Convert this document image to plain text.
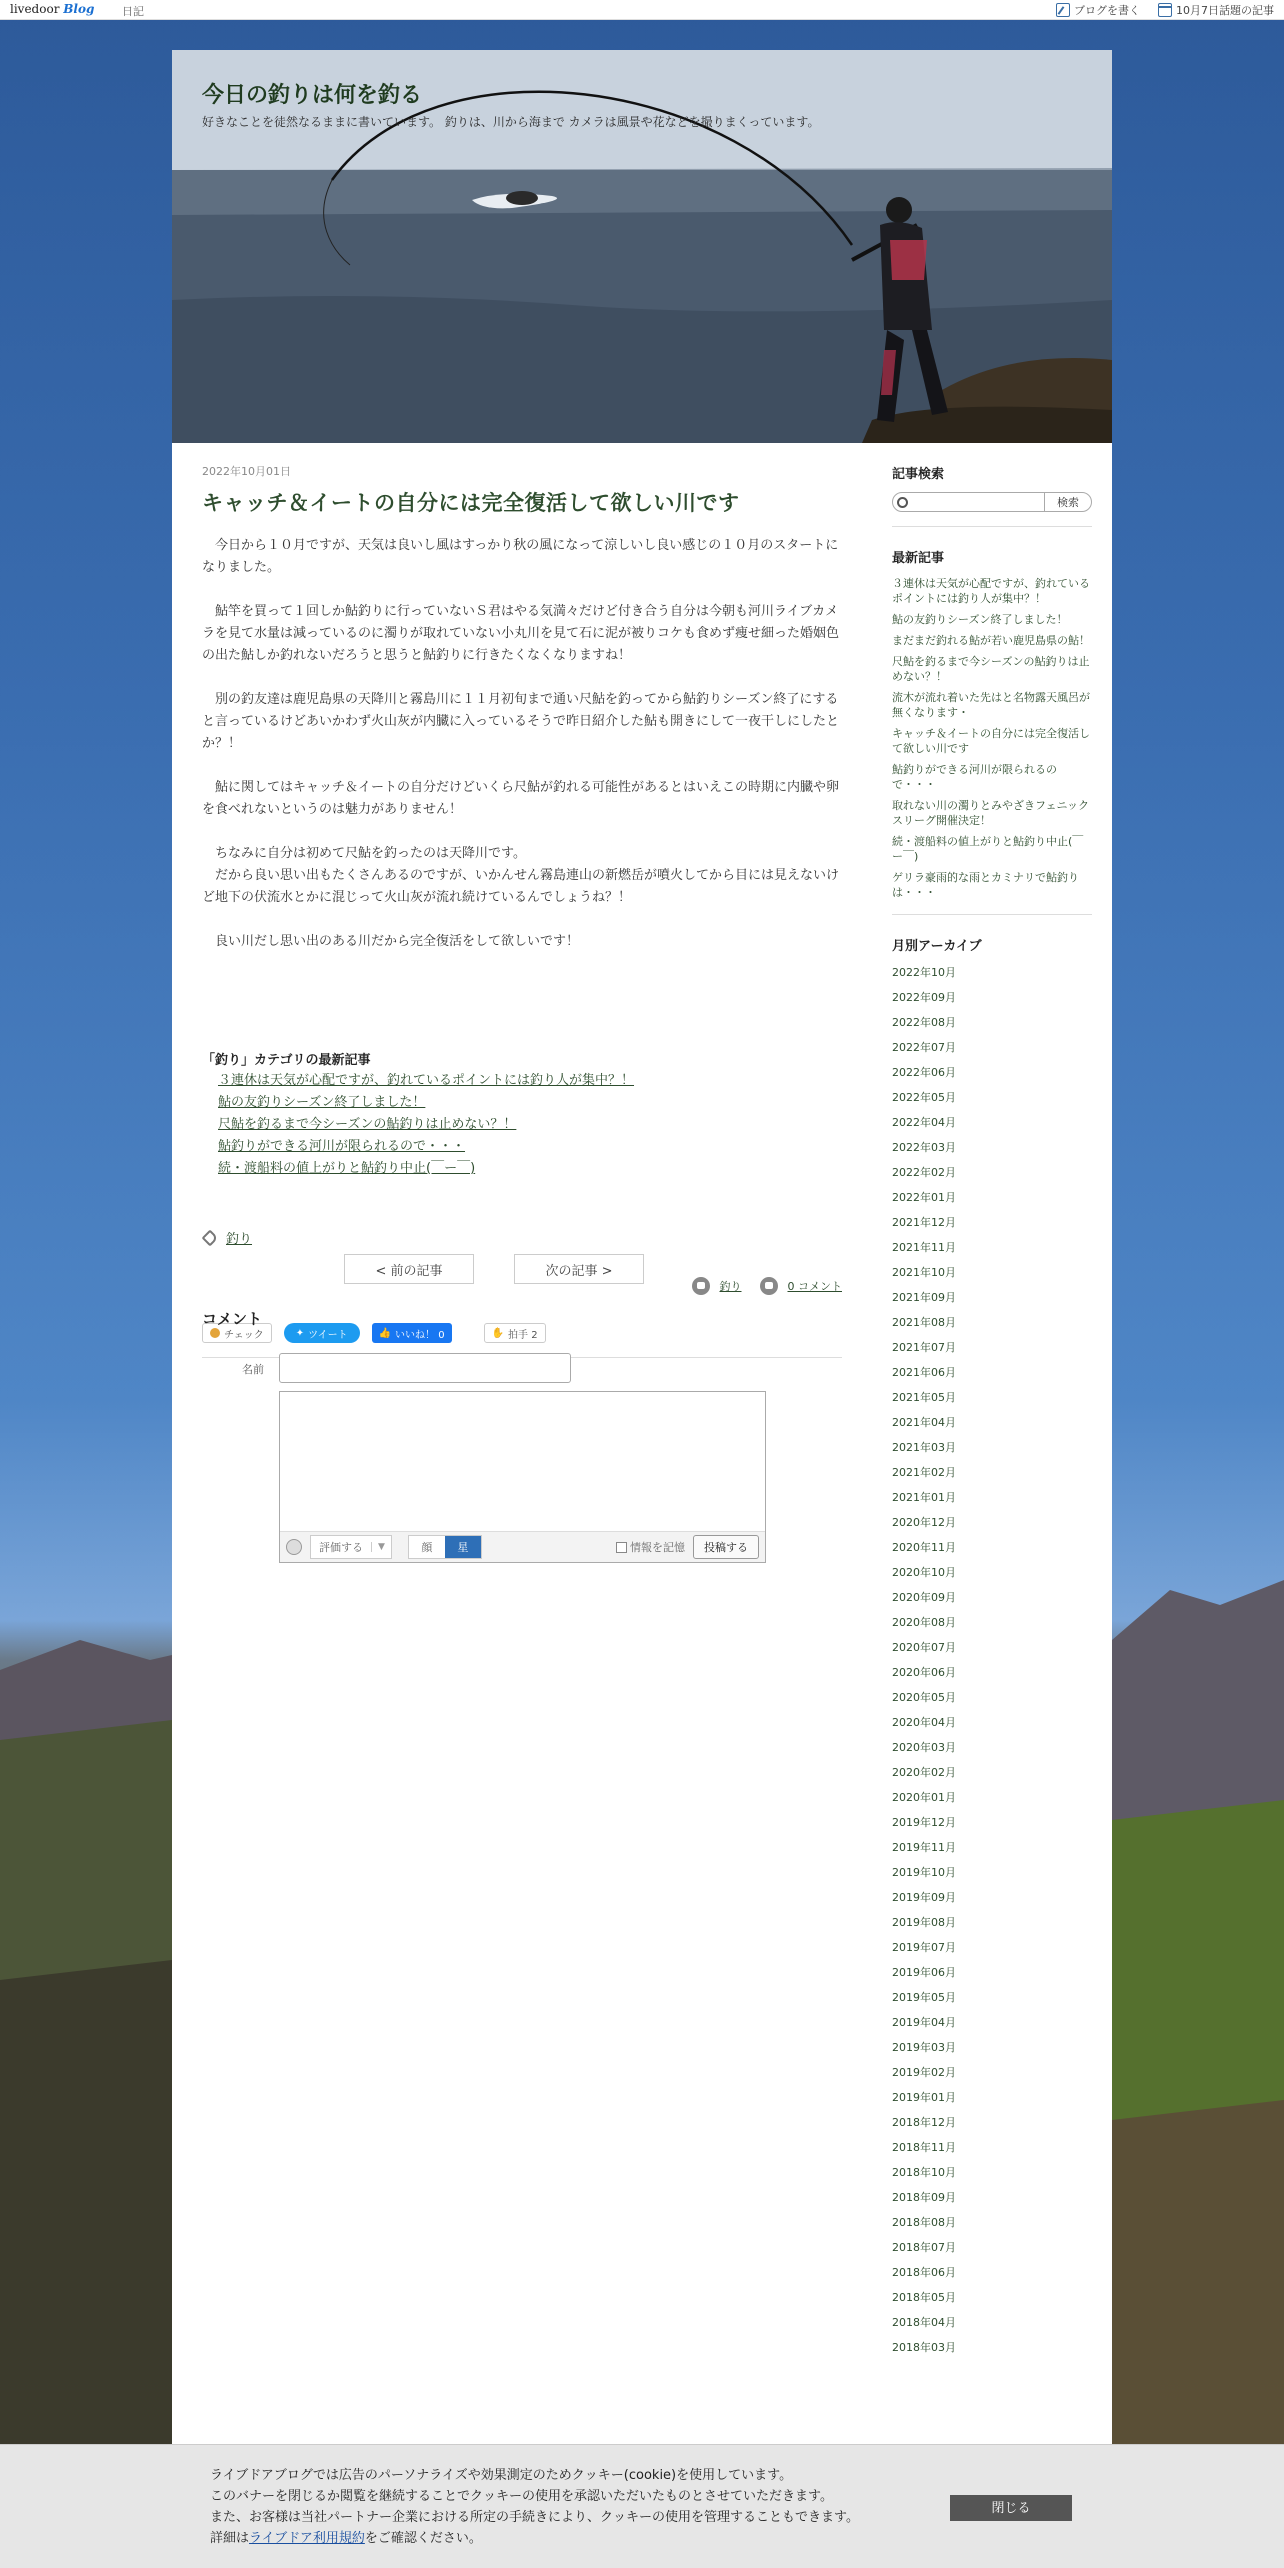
livedoor Blog	日記	ブログを書く	10月7日話題の記事
今日の釣りは何を釣る
好きなことを徒然なるままに書いています。 釣りは、川から海まで カメラは風景や花などを撮りまくっています。
2022年10月01日
キャッチ＆イートの自分には完全復活して欲しい川です

　今日から１０月ですが、天気は良いし風はすっかり秋の風になって涼しいし良い感じの１０月のスタートになりました。

　鮎竿を買って１回しか鮎釣りに行っていないＳ君はやる気満々だけど付き合う自分は今朝も河川ライブカメラを見て水量は減っているのに濁りが取れていない小丸川を見て石に泥が被りコケも食めず痩せ細った婚姻色の出た鮎しか釣れないだろうと思うと鮎釣りに行きたくなくなりますね！

　別の釣友達は鹿児島県の天降川と霧島川に１１月初旬まで通い尺鮎を釣ってから鮎釣りシーズン終了にすると言っているけどあいかわず火山灰が内臓に入っているそうで昨日紹介した鮎も開きにして一夜干しにしたとか？！

　鮎に関してはキャッチ＆イートの自分だけどいくら尺鮎が釣れる可能性があるとはいえこの時期に内臓や卵を食べれないというのは魅力がありません！

　ちなみに自分は初めて尺鮎を釣ったのは天降川です。
　だから良い思い出もたくさんあるのですが、いかんせん霧島連山の新燃岳が噴火してから目には見えないけど地下の伏流水とかに混じって火山灰が流れ続けているんでしょうね？！

　良い川だし思い出のある川だから完全復活をして欲しいです！

「釣り」カテゴリの最新記事
３連休は天気が心配ですが、釣れているポイントには釣り人が集中？！
鮎の友釣りシーズン終了しました！
尺鮎を釣るまで今シーズンの鮎釣りは止めない？！
鮎釣りができる河川が限られるので・・・
続・渡船料の値上がりと鮎釣り中止(￣ー￣)
釣り
釣り	0 コメント
チェック	✦ ツイート	👍 いいね！ 0	✋ 拍手 2
< 前の記事	次の記事 >
コメント
名前
評価する	▼	顔	星	情報を記憶	投稿する
記事検索
検索
最新記事
３連休は天気が心配ですが、釣れているポイントには釣り人が集中？！
鮎の友釣りシーズン終了しました！
まだまだ釣れる鮎が若い鹿児島県の鮎！
尺鮎を釣るまで今シーズンの鮎釣りは止めない？！
流木が流れ着いた先はと名物露天風呂が無くなります・
キャッチ＆イートの自分には完全復活して欲しい川です
鮎釣りができる河川が限られるので・・・
取れない川の濁りとみやざきフェニックスリーグ開催決定！
続・渡船料の値上がりと鮎釣り中止(￣ー￣)
ゲリラ豪雨的な雨とカミナリで鮎釣りは・・・
月別アーカイブ
2022年10月
2022年09月
2022年08月
2022年07月
2022年06月
2022年05月
2022年04月
2022年03月
2022年02月
2022年01月
2021年12月
2021年11月
2021年10月
2021年09月
2021年08月
2021年07月
2021年06月
2021年05月
2021年04月
2021年03月
2021年02月
2021年01月
2020年12月
2020年11月
2020年10月
2020年09月
2020年08月
2020年07月
2020年06月
2020年05月
2020年04月
2020年03月
2020年02月
2020年01月
2019年12月
2019年11月
2019年10月
2019年09月
2019年08月
2019年07月
2019年06月
2019年05月
2019年04月
2019年03月
2019年02月
2019年01月
2018年12月
2018年11月
2018年10月
2018年09月
2018年08月
2018年07月
2018年06月
2018年05月
2018年04月
2018年03月
ライブドアブログでは広告のパーソナライズや効果測定のためクッキー(cookie)を使用しています。
このバナーを閉じるか閲覧を継続することでクッキーの使用を承認いただいたものとさせていただきます。
また、お客様は当社パートナー企業における所定の手続きにより、クッキーの使用を管理することもできます。
詳細はライブドア利用規約をご確認ください。
閉じる
